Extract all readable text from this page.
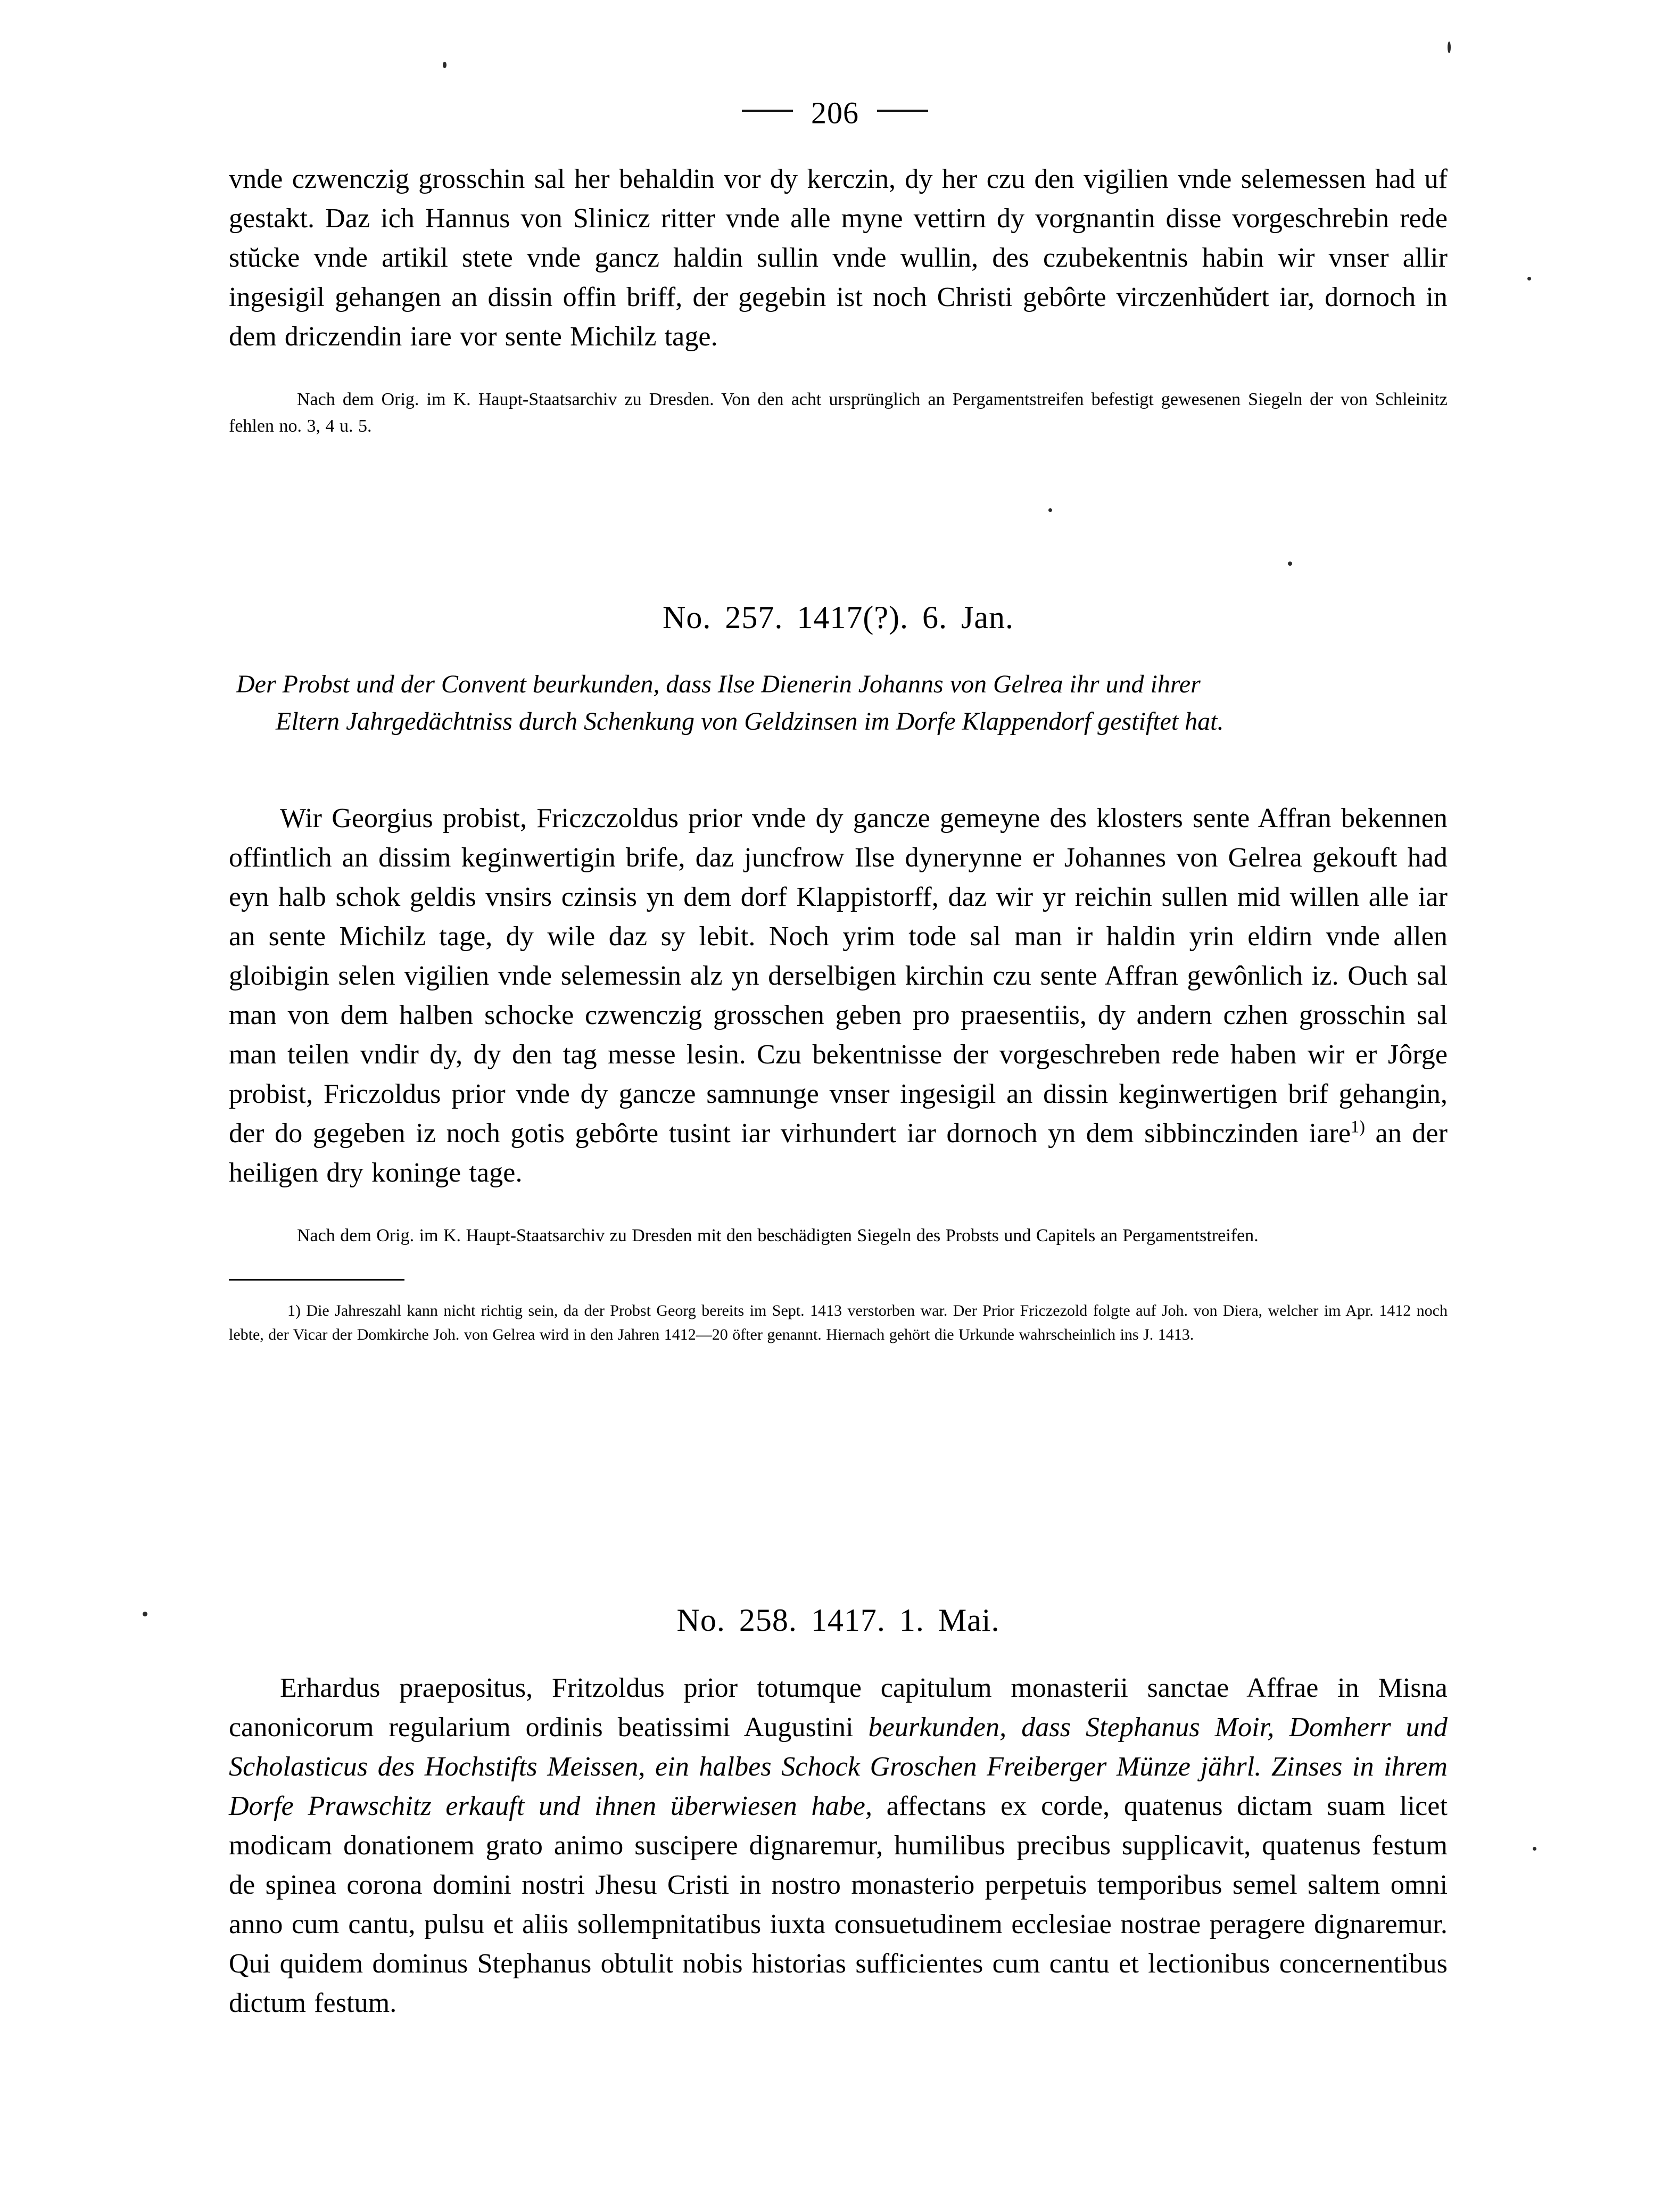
206

vnde czwenczig grosschin sal her behaldin vor dy kerczin, dy her czu den vigilien vnde selemessen had uf gestakt. Daz ich Hannus von Slinicz ritter vnde alle myne vettirn dy vorgnantin disse vorgeschrebin rede stŭcke vnde artikil stete vnde gancz haldin sullin vnde wullin, des czubekentnis habin wir vnser allir ingesigil gehangen an dissin offin briff, der gegebin ist noch Christi gebôrte virczenhŭdert iar, dornoch in dem driczendin iare vor sente Michilz tage.

Nach dem Orig. im K. Haupt-Staatsarchiv zu Dresden. Von den acht ursprünglich an Pergamentstreifen befestigt gewesenen Siegeln der von Schleinitz fehlen no. 3, 4 u. 5.

No. 257. 1417(?). 6. Jan.

Der Probst und der Convent beurkunden, dass Ilse Dienerin Johanns von Gelrea ihr und ihrer
Eltern Jahrgedächtniss durch Schenkung von Geldzinsen im Dorfe Klappendorf gestiftet hat.

Wir Georgius probist, Friczczoldus prior vnde dy gancze gemeyne des klosters sente Affran bekennen offintlich an dissim keginwertigin brife, daz juncfrow Ilse dynerynne er Johannes von Gelrea gekouft had eyn halb schok geldis vnsirs czinsis yn dem dorf Klappistorff, daz wir yr reichin sullen mid willen alle iar an sente Michilz tage, dy wile daz sy lebit. Noch yrim tode sal man ir haldin yrin eldirn vnde allen gloibigin selen vigilien vnde selemessin alz yn derselbigen kirchin czu sente Affran gewônlich iz. Ouch sal man von dem halben schocke czwenczig grosschen geben pro praesentiis, dy andern czhen grosschin sal man teilen vndir dy, dy den tag messe lesin. Czu bekentnisse der vorgeschreben rede haben wir er Jôrge probist, Friczoldus prior vnde dy gancze samnunge vnser ingesigil an dissin keginwertigen brif gehangin, der do gegeben iz noch gotis gebôrte tusint iar virhundert iar dornoch yn dem sibbinczinden iare$^{1)}$ an der heiligen dry koninge tage.

Nach dem Orig. im K. Haupt-Staatsarchiv zu Dresden mit den beschädigten Siegeln des Probsts und Capitels an Pergamentstreifen.

1) Die Jahreszahl kann nicht richtig sein, da der Probst Georg bereits im Sept. 1413 verstorben war. Der Prior Friczezold folgte auf Joh. von Diera, welcher im Apr. 1412 noch lebte, der Vicar der Domkirche Joh. von Gelrea wird in den Jahren 1412—20 öfter genannt. Hiernach gehört die Urkunde wahrscheinlich ins J. 1413.

No. 258. 1417. 1. Mai.

Erhardus praepositus, Fritzoldus prior totumque capitulum monasterii sanctae Affrae in Misna canonicorum regularium ordinis beatissimi Augustini beurkunden, dass Stephanus Moir, Domherr und Scholasticus des Hochstifts Meissen, ein halbes Schock Groschen Freiberger Münze jährl. Zinses in ihrem Dorfe Prawschitz erkauft und ihnen überwiesen habe, affectans ex corde, quatenus dictam suam licet modicam donationem grato animo suscipere dignaremur, humilibus precibus supplicavit, quatenus festum de spinea corona domini nostri Jhesu Cristi in nostro monasterio perpetuis temporibus semel saltem omni anno cum cantu, pulsu et aliis sollempnitatibus iuxta consuetudinem ecclesiae nostrae peragere dignaremur. Qui quidem dominus Stephanus obtulit nobis historias sufficientes cum cantu et lectionibus concernentibus dictum festum.
